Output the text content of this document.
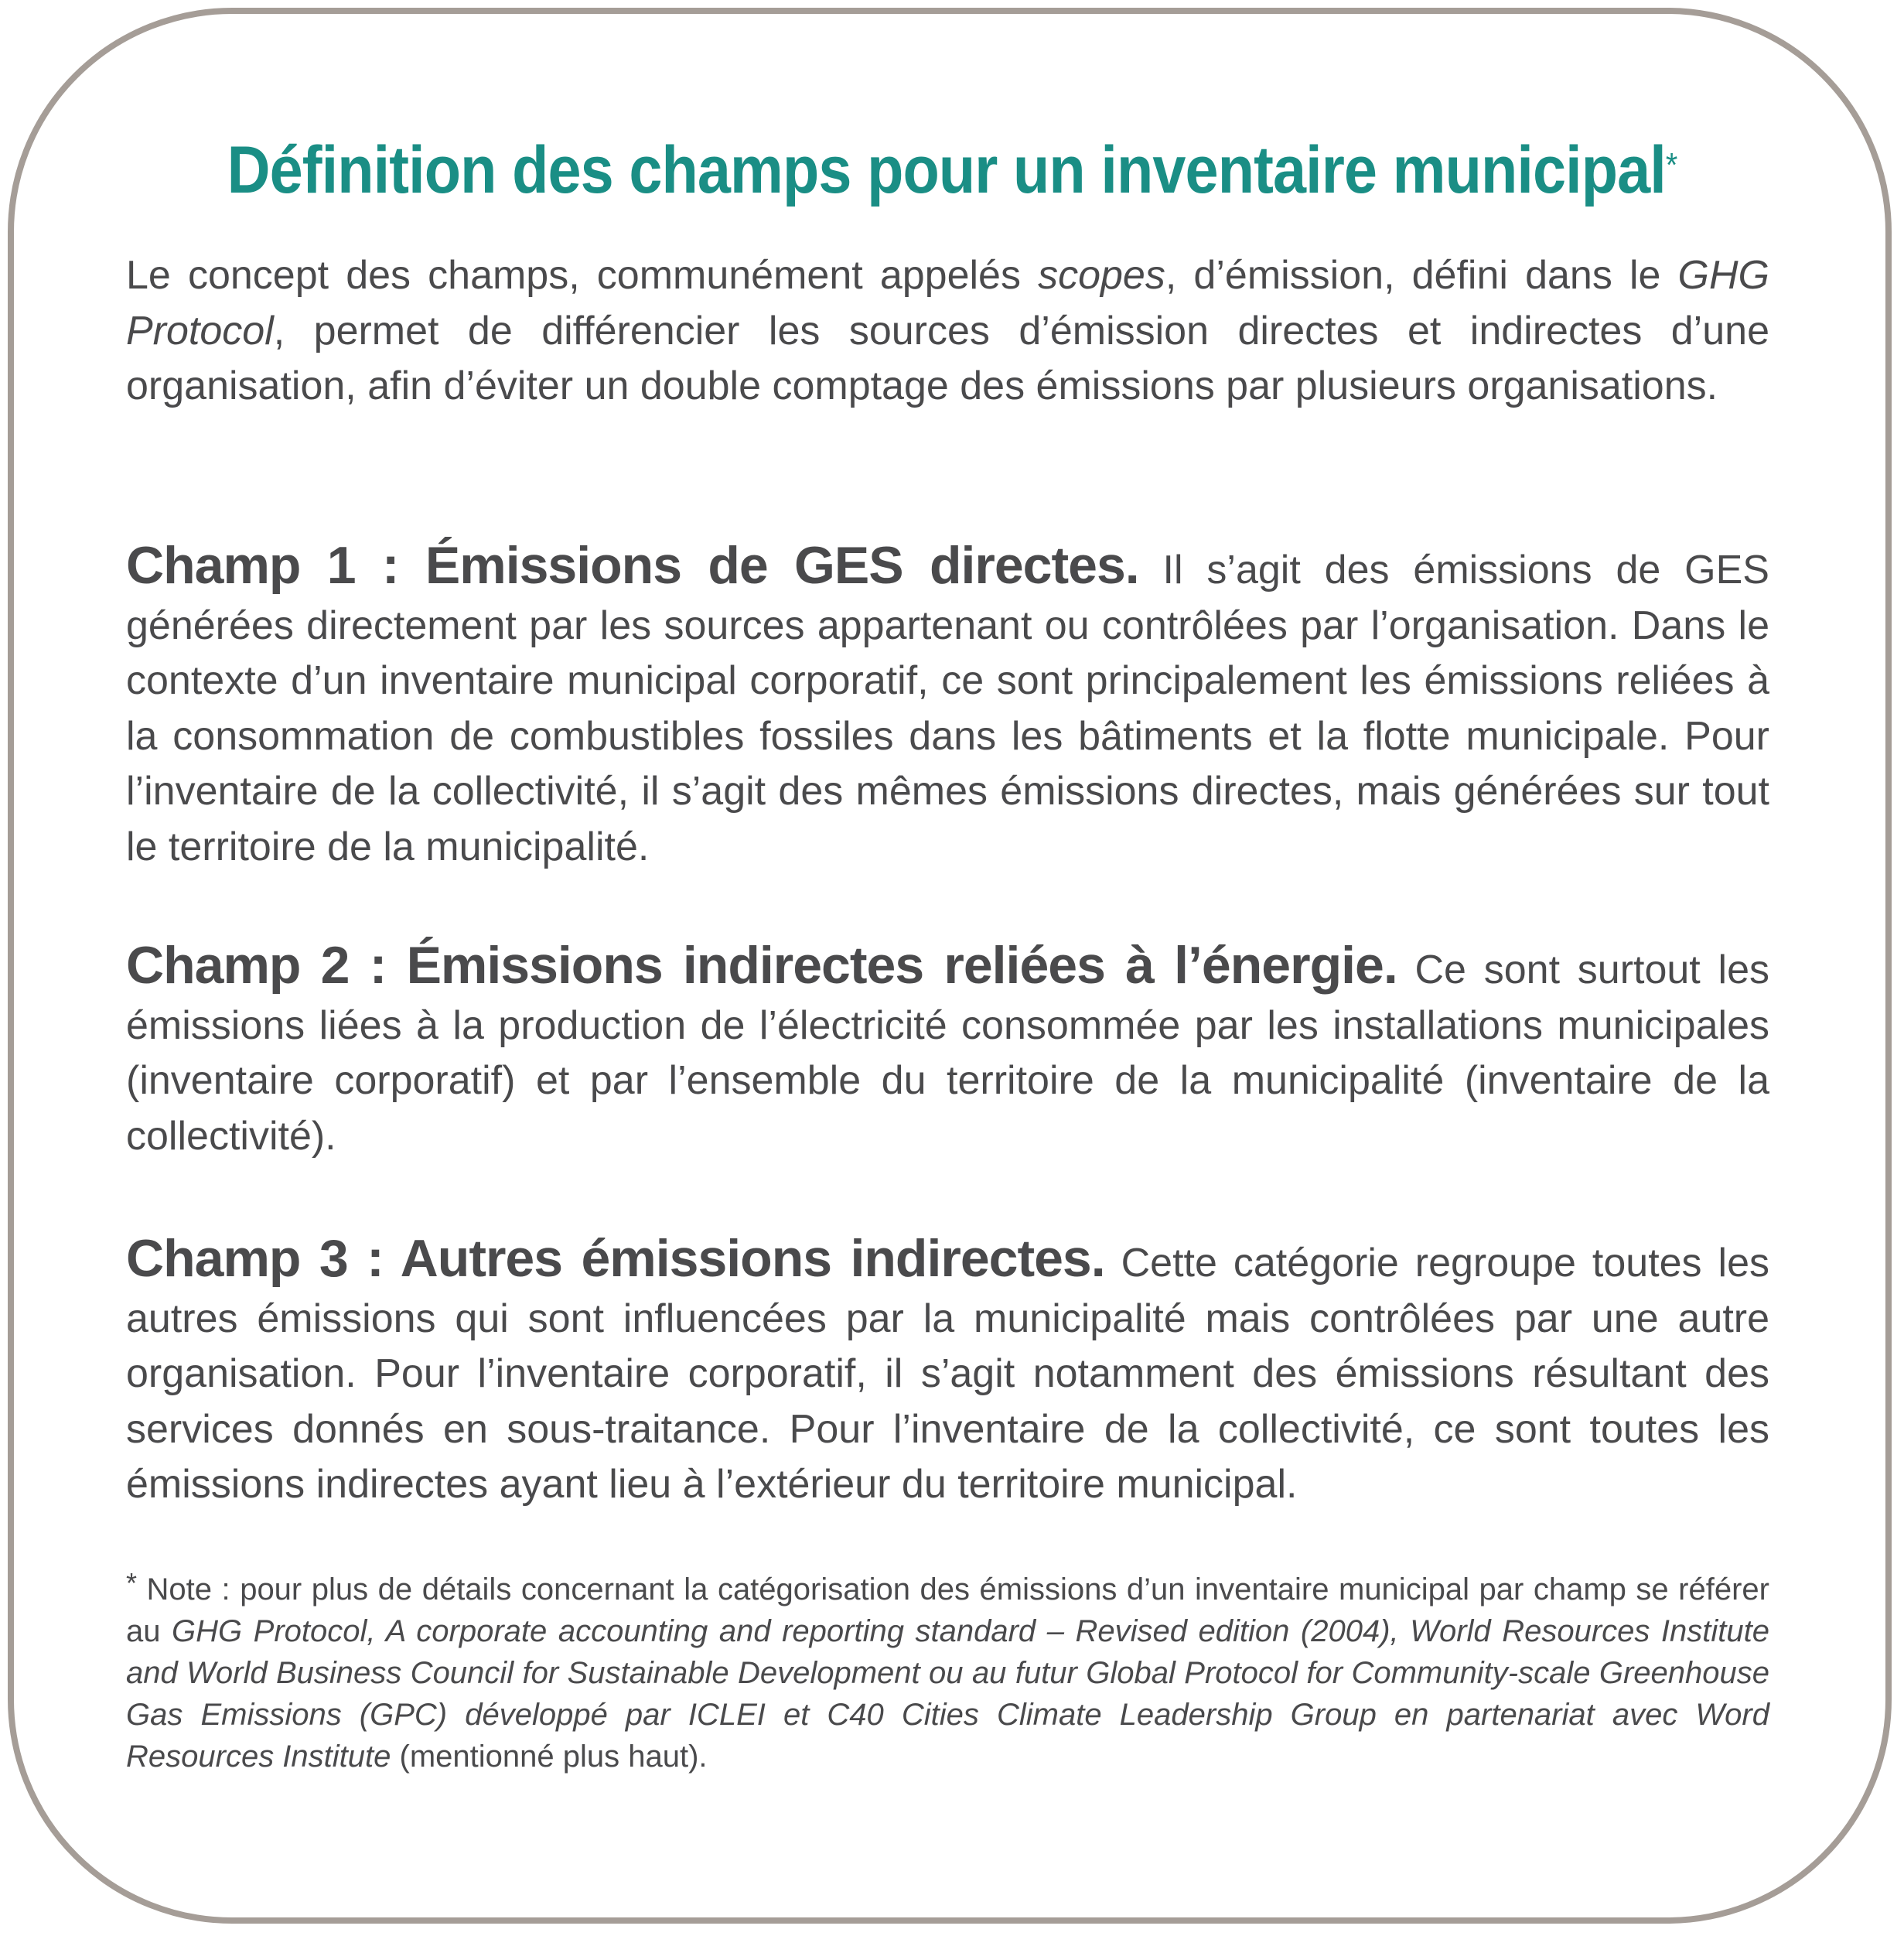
Définition des champs pour un inventaire municipal*

Le concept des champs, communément appelés scopes, d’émission, défini dans le GHG Protocol, permet de différencier les sources d’émission directes et indirectes d’une organisation, afin d’éviter un double comptage des émissions par plusieurs organisations.

Champ 1 : Émissions de GES directes. Il s’agit des émissions de GES générées directement par les sources appartenant ou contrôlées par l’organisation. Dans le contexte d’un inventaire municipal corporatif, ce sont principalement les émissions reliées à la consommation de combustibles fossiles dans les bâtiments et la flotte municipale. Pour l’inventaire de la collectivité, il s’agit des mêmes émissions directes, mais générées sur tout le territoire de la municipalité.

Champ 2 : Émissions indirectes reliées à l’énergie. Ce sont surtout les émissions liées à la production de l’électricité consommée par les installations municipales (inventaire corporatif) et par l’ensemble du territoire de la municipalité (inventaire de la collectivité).

Champ 3 : Autres émissions indirectes. Cette catégorie regroupe toutes les autres émissions qui sont influencées par la municipalité mais contrôlées par une autre organisation. Pour l’inventaire corporatif, il s’agit notamment des émissions résultant des services donnés en sous-traitance. Pour l’inventaire de la collectivité, ce sont toutes les émissions indirectes ayant lieu à l’extérieur du territoire municipal.

* Note : pour plus de détails concernant la catégorisation des émissions d’un inventaire municipal par champ se référer au GHG Protocol, A corporate accounting and reporting standard – Revised edition (2004), World Resources Institute and World Business Council for Sustainable Development ou au futur Global Protocol for Community-scale Greenhouse Gas Emissions (GPC) développé par ICLEI et C40 Cities Climate Leadership Group en partenariat avec Word Resources Institute (mentionné plus haut).
